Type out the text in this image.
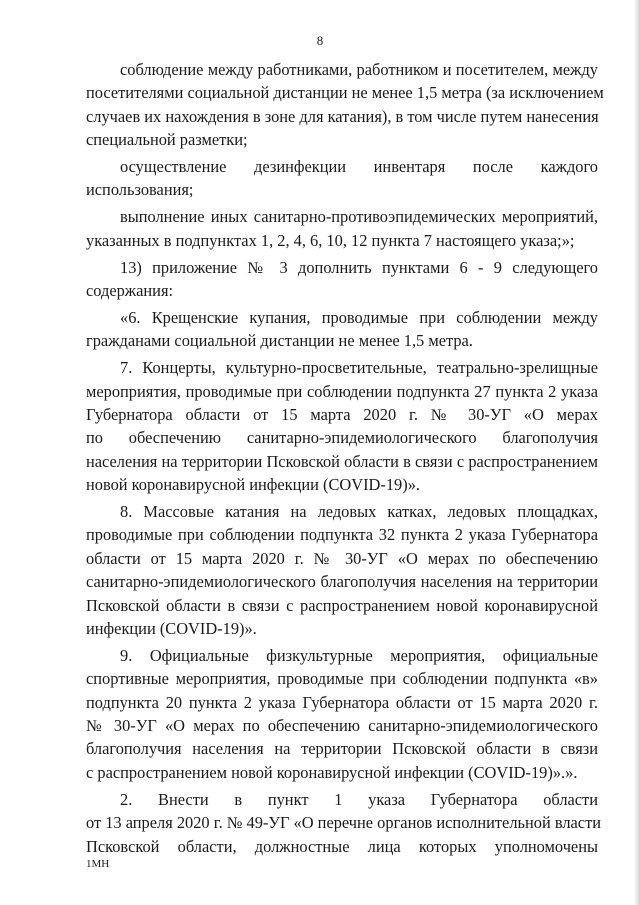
8
соблюдение между работниками, работником и посетителем, между
посетителями социальной дистанции не менее 1,5 метра (за исключением
случаев их нахождения в зоне для катания), в том числе путем нанесения
специальной разметки;
осуществление дезинфекции инвентаря после каждого
использования;
выполнение иных санитарно-противоэпидемических мероприятий,
указанных в подпунктах 1, 2, 4, 6, 10, 12 пункта 7 настоящего указа;»;
13) приложение № 3 дополнить пунктами 6 - 9 следующего
содержания:
«6. Крещенские купания, проводимые при соблюдении между
гражданами социальной дистанции не менее 1,5 метра.
7. Концерты, культурно-просветительные, театрально-зрелищные
мероприятия, проводимые при соблюдении подпункта 27 пункта 2 указа
Губернатора области от 15 марта 2020 г. № 30-УГ «О мерах
по обеспечению санитарно-эпидемиологического благополучия
населения на территории Псковской области в связи с распространением
новой коронавирусной инфекции (COVID-19)».
8. Массовые катания на ледовых катках, ледовых площадках,
проводимые при соблюдении подпункта 32 пункта 2 указа Губернатора
области от 15 марта 2020 г. № 30-УГ «О мерах по обеспечению
санитарно-эпидемиологического благополучия населения на территории
Псковской области в связи с распространением новой коронавирусной
инфекции (COVID-19)».
9. Официальные физкультурные мероприятия, официальные
спортивные мероприятия, проводимые при соблюдении подпункта «в»
подпункта 20 пункта 2 указа Губернатора области от 15 марта 2020 г.
№ 30-УГ «О мерах по обеспечению санитарно-эпидемиологического
благополучия населения на территории Псковской области в связи
с распространением новой коронавирусной инфекции (COVID-19)».».
2. Внести в пункт 1 указа Губернатора области
от 13 апреля 2020 г. № 49-УГ «О перечне органов исполнительной власти
Псковской области, должностные лица которых уполномочены
1МН
